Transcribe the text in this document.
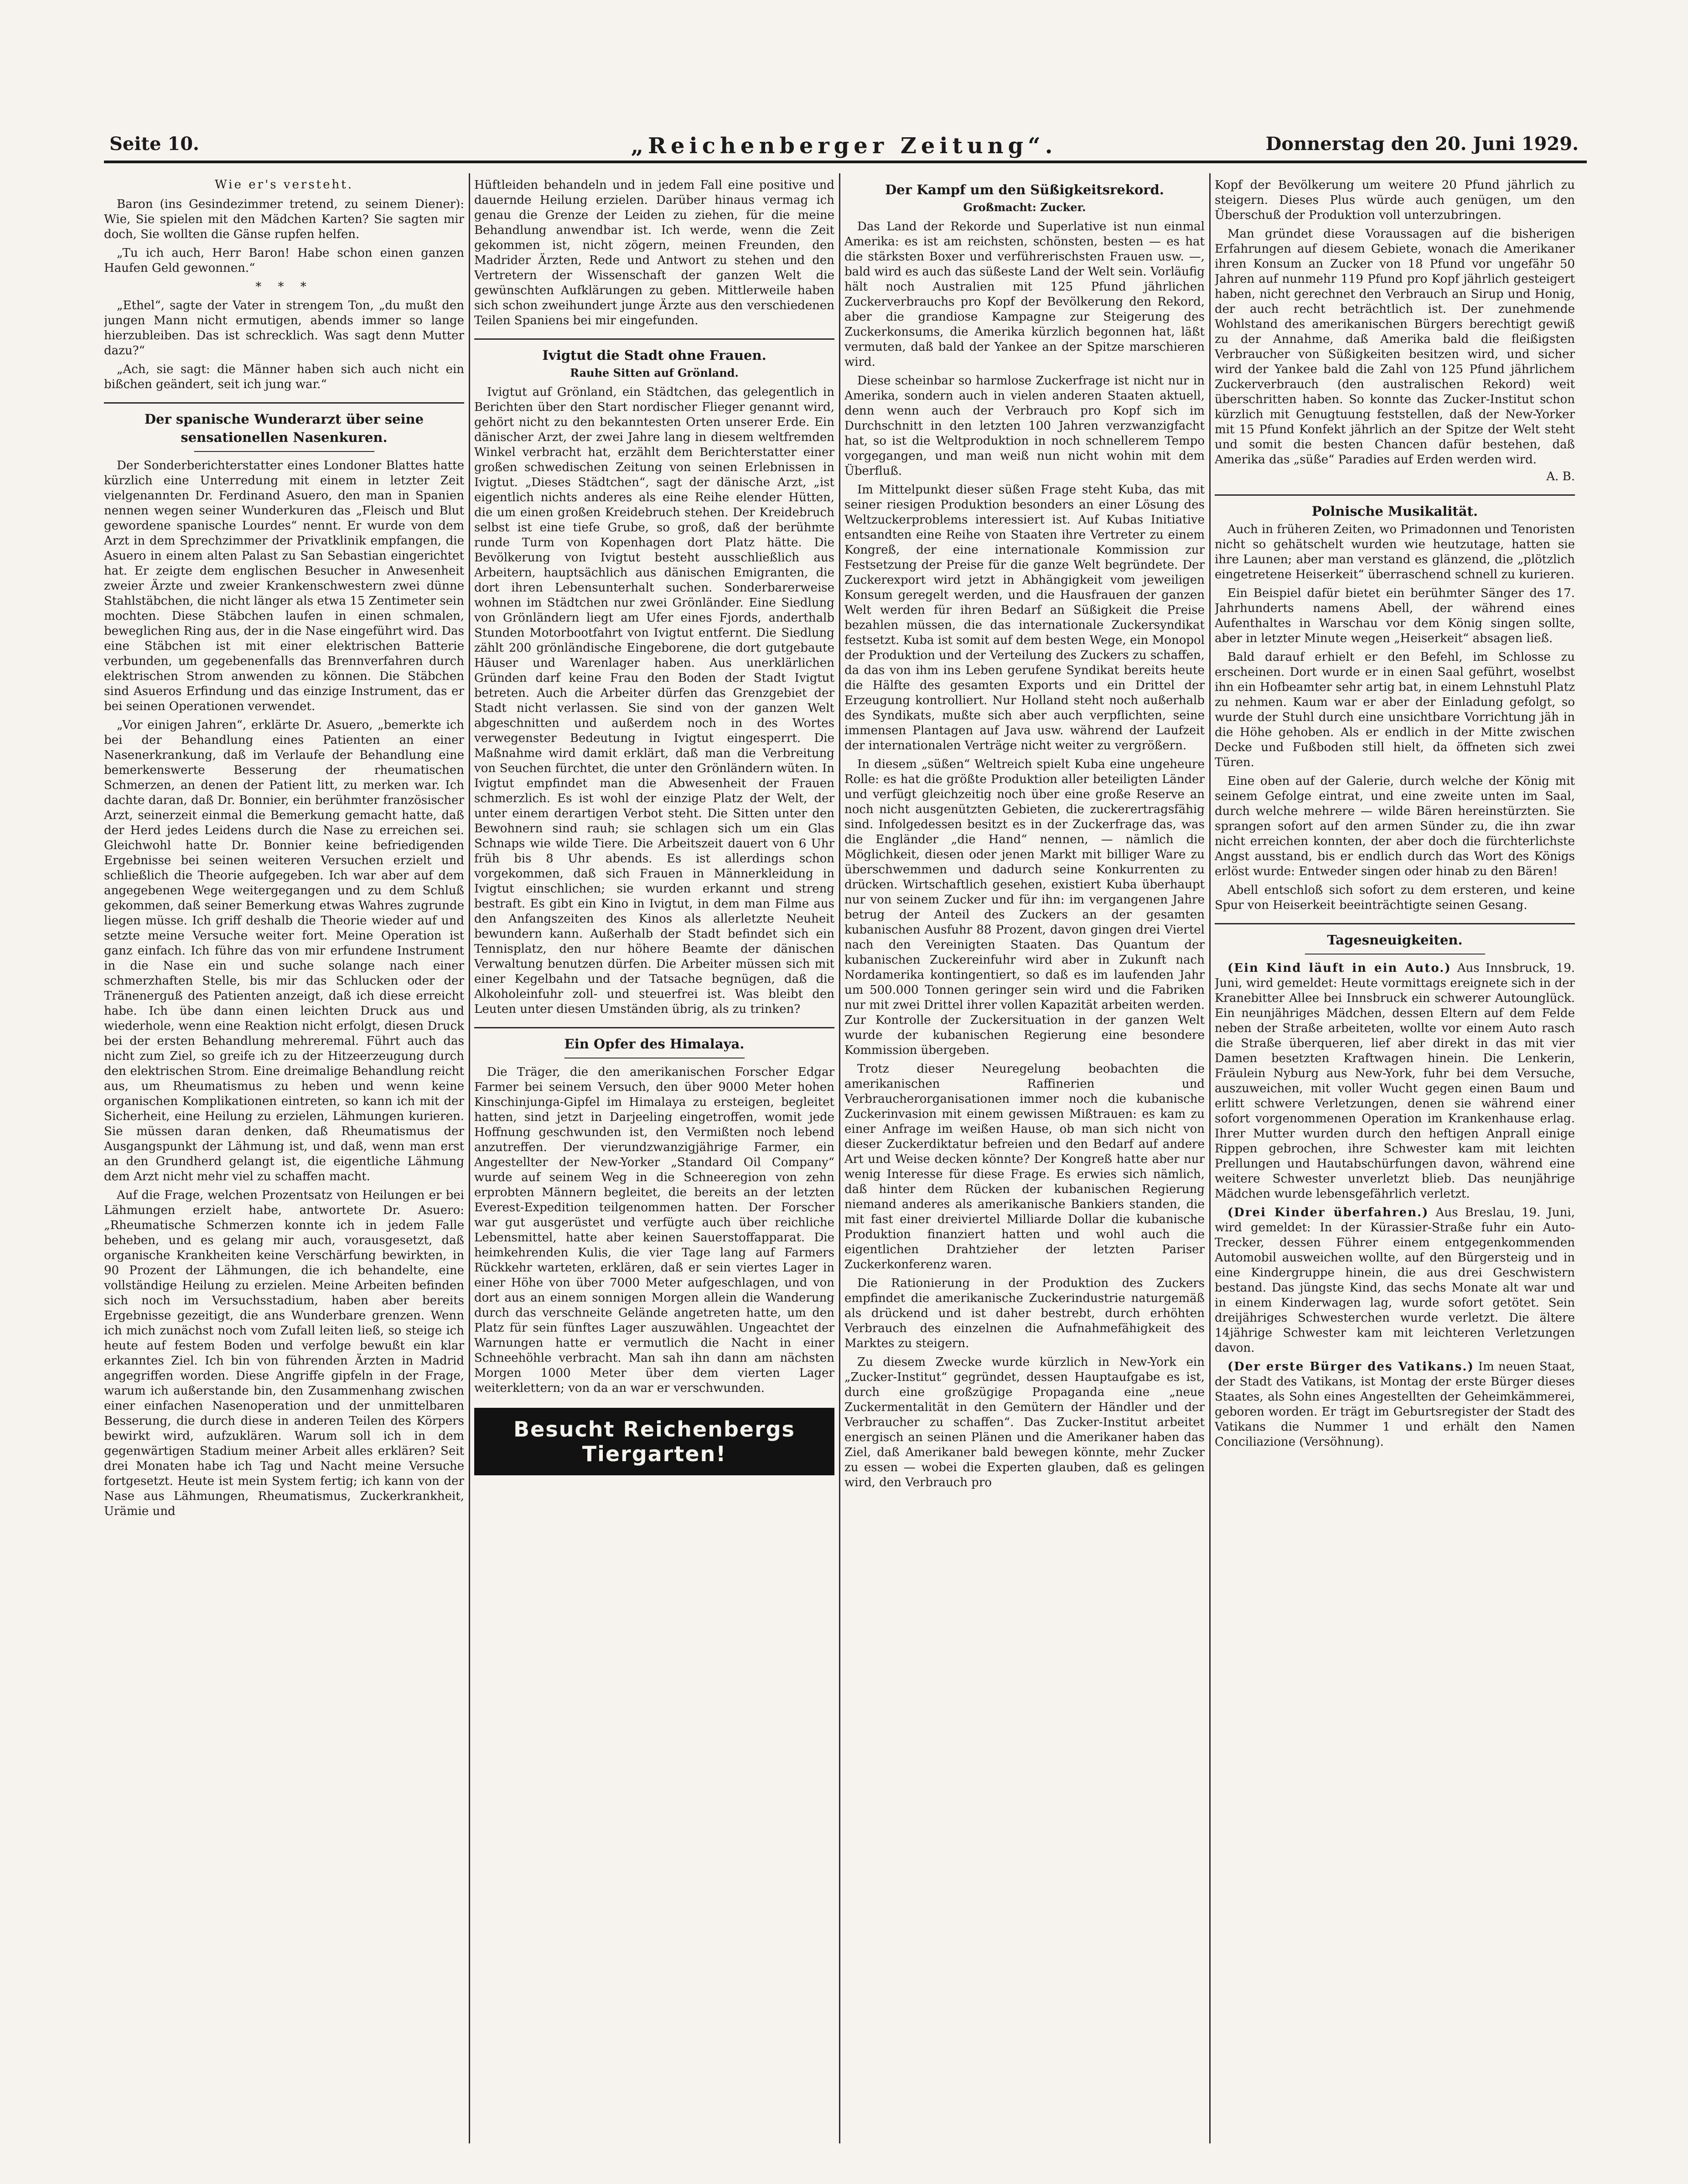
Seite 10.	„Reichenberger Zeitung“.	Donnerstag den 20. Juni 1929.
Wie er's versteht.

Baron (ins Gesindezimmer tretend, zu seinem Diener): Wie, Sie spielen mit den Mädchen Karten? Sie sagten mir doch, Sie wollten die Gänse rupfen helfen.

„Tu ich auch, Herr Baron! Habe schon einen ganzen Haufen Geld gewonnen.“

* * *

„Ethel“, sagte der Vater in strengem Ton, „du mußt den jungen Mann nicht ermutigen, abends immer so lange hierzubleiben. Das ist schrecklich. Was sagt denn Mutter dazu?“

„Ach, sie sagt: die Männer haben sich auch nicht ein bißchen geändert, seit ich jung war.“

Der spanische Wunderarzt über seine sensationellen Nasenkuren.

Der Sonderberichterstatter eines Londoner Blattes hatte kürzlich eine Unterredung mit einem in letzter Zeit vielgenannten Dr. Ferdinand Asuero, den man in Spanien nennen wegen seiner Wunderkuren das „Fleisch und Blut gewordene spanische Lourdes“ nennt. Er wurde von dem Arzt in dem Sprechzimmer der Privatklinik empfangen, die Asuero in einem alten Palast zu San Sebastian eingerichtet hat. Er zeigte dem englischen Besucher in Anwesenheit zweier Ärzte und zweier Krankenschwestern zwei dünne Stahlstäbchen, die nicht länger als etwa 15 Zentimeter sein mochten. Diese Stäbchen laufen in einen schmalen, beweglichen Ring aus, der in die Nase eingeführt wird. Das eine Stäbchen ist mit einer elektrischen Batterie verbunden, um gegebenenfalls das Brennverfahren durch elektrischen Strom anwenden zu können. Die Stäbchen sind Asueros Erfindung und das einzige Instrument, das er bei seinen Operationen verwendet.

„Vor einigen Jahren“, erklärte Dr. Asuero, „bemerkte ich bei der Behandlung eines Patienten an einer Nasenerkrankung, daß im Verlaufe der Behandlung eine bemerkenswerte Besserung der rheumatischen Schmerzen, an denen der Patient litt, zu merken war. Ich dachte daran, daß Dr. Bonnier, ein berühmter französischer Arzt, seinerzeit einmal die Bemerkung gemacht hatte, daß der Herd jedes Leidens durch die Nase zu erreichen sei. Gleichwohl hatte Dr. Bonnier keine befriedigenden Ergebnisse bei seinen weiteren Versuchen erzielt und schließlich die Theorie aufgegeben. Ich war aber auf dem angegebenen Wege weitergegangen und zu dem Schluß gekommen, daß seiner Bemerkung etwas Wahres zugrunde liegen müsse. Ich griff deshalb die Theorie wieder auf und setzte meine Versuche weiter fort. Meine Operation ist ganz einfach. Ich führe das von mir erfundene Instrument in die Nase ein und suche solange nach einer schmerzhaften Stelle, bis mir das Schlucken oder der Tränenerguß des Patienten anzeigt, daß ich diese erreicht habe. Ich übe dann einen leichten Druck aus und wiederhole, wenn eine Reaktion nicht erfolgt, diesen Druck bei der ersten Behandlung mehreremal. Führt auch das nicht zum Ziel, so greife ich zu der Hitzeerzeugung durch den elektrischen Strom. Eine dreimalige Behandlung reicht aus, um Rheumatismus zu heben und wenn keine organischen Komplikationen eintreten, so kann ich mit der Sicherheit, eine Heilung zu erzielen, Lähmungen kurieren. Sie müssen daran denken, daß Rheumatismus der Ausgangspunkt der Lähmung ist, und daß, wenn man erst an den Grundherd gelangt ist, die eigentliche Lähmung dem Arzt nicht mehr viel zu schaffen macht.

Auf die Frage, welchen Prozentsatz von Heilungen er bei Lähmungen erzielt habe, antwortete Dr. Asuero: „Rheumatische Schmerzen konnte ich in jedem Falle beheben, und es gelang mir auch, vorausgesetzt, daß organische Krankheiten keine Verschärfung bewirkten, in 90 Prozent der Lähmungen, die ich behandelte, eine vollständige Heilung zu erzielen. Meine Arbeiten befinden sich noch im Versuchsstadium, haben aber bereits Ergebnisse gezeitigt, die ans Wunderbare grenzen. Wenn ich mich zunächst noch vom Zufall leiten ließ, so steige ich heute auf festem Boden und verfolge bewußt ein klar erkanntes Ziel. Ich bin von führenden Ärzten in Madrid angegriffen worden. Diese Angriffe gipfeln in der Frage, warum ich außerstande bin, den Zusammenhang zwischen einer einfachen Nasenoperation und der unmittelbaren Besserung, die durch diese in anderen Teilen des Körpers bewirkt wird, aufzuklären. Warum soll ich in dem gegenwärtigen Stadium meiner Arbeit alles erklären? Seit drei Monaten habe ich Tag und Nacht meine Versuche fortgesetzt. Heute ist mein System fertig; ich kann von der Nase aus Lähmungen, Rheumatismus, Zuckerkrankheit, Urämie und

Hüftleiden behandeln und in jedem Fall eine positive und dauernde Heilung erzielen. Darüber hinaus vermag ich genau die Grenze der Leiden zu ziehen, für die meine Behandlung anwendbar ist. Ich werde, wenn die Zeit gekommen ist, nicht zögern, meinen Freunden, den Madrider Ärzten, Rede und Antwort zu stehen und den Vertretern der Wissenschaft der ganzen Welt die gewünschten Aufklärungen zu geben. Mittlerweile haben sich schon zweihundert junge Ärzte aus den verschiedenen Teilen Spaniens bei mir eingefunden.

Ivigtut die Stadt ohne Frauen.
Rauhe Sitten auf Grönland.

Ivigtut auf Grönland, ein Städtchen, das gelegentlich in Berichten über den Start nordischer Flieger genannt wird, gehört nicht zu den bekanntesten Orten unserer Erde. Ein dänischer Arzt, der zwei Jahre lang in diesem weltfremden Winkel verbracht hat, erzählt dem Berichterstatter einer großen schwedischen Zeitung von seinen Erlebnissen in Ivigtut. „Dieses Städtchen“, sagt der dänische Arzt, „ist eigentlich nichts anderes als eine Reihe elender Hütten, die um einen großen Kreidebruch stehen. Der Kreidebruch selbst ist eine tiefe Grube, so groß, daß der berühmte runde Turm von Kopenhagen dort Platz hätte. Die Bevölkerung von Ivigtut besteht ausschließlich aus Arbeitern, hauptsächlich aus dänischen Emigranten, die dort ihren Lebensunterhalt suchen. Sonderbarerweise wohnen im Städtchen nur zwei Grönländer. Eine Siedlung von Grönländern liegt am Ufer eines Fjords, anderthalb Stunden Motorbootfahrt von Ivigtut entfernt. Die Siedlung zählt 200 grönländische Eingeborene, die dort gutgebaute Häuser und Warenlager haben. Aus unerklärlichen Gründen darf keine Frau den Boden der Stadt Ivigtut betreten. Auch die Arbeiter dürfen das Grenzgebiet der Stadt nicht verlassen. Sie sind von der ganzen Welt abgeschnitten und außerdem noch in des Wortes verwegenster Bedeutung in Ivigtut eingesperrt. Die Maßnahme wird damit erklärt, daß man die Verbreitung von Seuchen fürchtet, die unter den Grönländern wüten. In Ivigtut empfindet man die Abwesenheit der Frauen schmerzlich. Es ist wohl der einzige Platz der Welt, der unter einem derartigen Verbot steht. Die Sitten unter den Bewohnern sind rauh; sie schlagen sich um ein Glas Schnaps wie wilde Tiere. Die Arbeitszeit dauert von 6 Uhr früh bis 8 Uhr abends. Es ist allerdings schon vorgekommen, daß sich Frauen in Männerkleidung in Ivigtut einschlichen; sie wurden erkannt und streng bestraft. Es gibt ein Kino in Ivigtut, in dem man Filme aus den Anfangszeiten des Kinos als allerletzte Neuheit bewundern kann. Außerhalb der Stadt befindet sich ein Tennisplatz, den nur höhere Beamte der dänischen Verwaltung benutzen dürfen. Die Arbeiter müssen sich mit einer Kegelbahn und der Tatsache begnügen, daß die Alkoholeinfuhr zoll- und steuerfrei ist. Was bleibt den Leuten unter diesen Umständen übrig, als zu trinken?

Ein Opfer des Himalaya.

Die Träger, die den amerikanischen Forscher Edgar Farmer bei seinem Versuch, den über 9000 Meter hohen Kinschinjunga-Gipfel im Himalaya zu ersteigen, begleitet hatten, sind jetzt in Darjeeling eingetroffen, womit jede Hoffnung geschwunden ist, den Vermißten noch lebend anzutreffen. Der vierundzwanzigjährige Farmer, ein Angestellter der New-Yorker „Standard Oil Company“ wurde auf seinem Weg in die Schneeregion von zehn erprobten Männern begleitet, die bereits an der letzten Everest-Expedition teilgenommen hatten. Der Forscher war gut ausgerüstet und verfügte auch über reichliche Lebensmittel, hatte aber keinen Sauerstoffapparat. Die heimkehrenden Kulis, die vier Tage lang auf Farmers Rückkehr warteten, erklären, daß er sein viertes Lager in einer Höhe von über 7000 Meter aufgeschlagen, und von dort aus an einem sonnigen Morgen allein die Wanderung durch das verschneite Gelände angetreten hatte, um den Platz für sein fünftes Lager auszuwählen. Ungeachtet der Warnungen hatte er vermutlich die Nacht in einer Schneehöhle verbracht. Man sah ihn dann am nächsten Morgen 1000 Meter über dem vierten Lager weiterklettern; von da an war er verschwunden.

Besucht Reichenbergs Tiergarten!
Der Kampf um den Süßigkeitsrekord.
Großmacht: Zucker.

Das Land der Rekorde und Superlative ist nun einmal Amerika: es ist am reichsten, schönsten, besten — es hat die stärksten Boxer und verführerischsten Frauen usw. —, bald wird es auch das süßeste Land der Welt sein. Vorläufig hält noch Australien mit 125 Pfund jährlichen Zuckerverbrauchs pro Kopf der Bevölkerung den Rekord, aber die grandiose Kampagne zur Steigerung des Zuckerkonsums, die Amerika kürzlich begonnen hat, läßt vermuten, daß bald der Yankee an der Spitze marschieren wird.

Diese scheinbar so harmlose Zuckerfrage ist nicht nur in Amerika, sondern auch in vielen anderen Staaten aktuell, denn wenn auch der Verbrauch pro Kopf sich im Durchschnitt in den letzten 100 Jahren verzwanzigfacht hat, so ist die Weltproduktion in noch schnellerem Tempo vorgegangen, und man weiß nun nicht wohin mit dem Überfluß.

Im Mittelpunkt dieser süßen Frage steht Kuba, das mit seiner riesigen Produktion besonders an einer Lösung des Weltzuckerproblems interessiert ist. Auf Kubas Initiative entsandten eine Reihe von Staaten ihre Vertreter zu einem Kongreß, der eine internationale Kommission zur Festsetzung der Preise für die ganze Welt begründete. Der Zuckerexport wird jetzt in Abhängigkeit vom jeweiligen Konsum geregelt werden, und die Hausfrauen der ganzen Welt werden für ihren Bedarf an Süßigkeit die Preise bezahlen müssen, die das internationale Zuckersyndikat festsetzt. Kuba ist somit auf dem besten Wege, ein Monopol der Produktion und der Verteilung des Zuckers zu schaffen, da das von ihm ins Leben gerufene Syndikat bereits heute die Hälfte des gesamten Exports und ein Drittel der Erzeugung kontrolliert. Nur Holland steht noch außerhalb des Syndikats, mußte sich aber auch verpflichten, seine immensen Plantagen auf Java usw. während der Laufzeit der internationalen Verträge nicht weiter zu vergrößern.

In diesem „süßen“ Weltreich spielt Kuba eine ungeheure Rolle: es hat die größte Produktion aller beteiligten Länder und verfügt gleichzeitig noch über eine große Reserve an noch nicht ausgenützten Gebieten, die zuckerertragsfähig sind. Infolgedessen besitzt es in der Zuckerfrage das, was die Engländer „die Hand“ nennen, — nämlich die Möglichkeit, diesen oder jenen Markt mit billiger Ware zu überschwemmen und dadurch seine Konkurrenten zu drücken. Wirtschaftlich gesehen, existiert Kuba überhaupt nur von seinem Zucker und für ihn: im vergangenen Jahre betrug der Anteil des Zuckers an der gesamten kubanischen Ausfuhr 88 Prozent, davon gingen drei Viertel nach den Vereinigten Staaten. Das Quantum der kubanischen Zuckereinfuhr wird aber in Zukunft nach Nordamerika kontingentiert, so daß es im laufenden Jahr um 500.000 Tonnen geringer sein wird und die Fabriken nur mit zwei Drittel ihrer vollen Kapazität arbeiten werden. Zur Kontrolle der Zuckersituation in der ganzen Welt wurde der kubanischen Regierung eine besondere Kommission übergeben.

Trotz dieser Neuregelung beobachten die amerikanischen Raffinerien und Verbraucherorganisationen immer noch die kubanische Zuckerinvasion mit einem gewissen Mißtrauen: es kam zu einer Anfrage im weißen Hause, ob man sich nicht von dieser Zuckerdiktatur befreien und den Bedarf auf andere Art und Weise decken könnte? Der Kongreß hatte aber nur wenig Interesse für diese Frage. Es erwies sich nämlich, daß hinter dem Rücken der kubanischen Regierung niemand anderes als amerikanische Bankiers standen, die mit fast einer dreiviertel Milliarde Dollar die kubanische Produktion finanziert hatten und wohl auch die eigentlichen Drahtzieher der letzten Pariser Zuckerkonferenz waren.

Die Rationierung in der Produktion des Zuckers empfindet die amerikanische Zuckerindustrie naturgemäß als drückend und ist daher bestrebt, durch erhöhten Verbrauch des einzelnen die Aufnahmefähigkeit des Marktes zu steigern.

Zu diesem Zwecke wurde kürzlich in New-York ein „Zucker-Institut“ gegründet, dessen Hauptaufgabe es ist, durch eine großzügige Propaganda eine „neue Zuckermentalität in den Gemütern der Händler und der Verbraucher zu schaffen“. Das Zucker-Institut arbeitet energisch an seinen Plänen und die Amerikaner haben das Ziel, daß Amerikaner bald bewegen könnte, mehr Zucker zu essen — wobei die Experten glauben, daß es gelingen wird, den Verbrauch pro

Kopf der Bevölkerung um weitere 20 Pfund jährlich zu steigern. Dieses Plus würde auch genügen, um den Überschuß der Produktion voll unterzubringen.

Man gründet diese Voraussagen auf die bisherigen Erfahrungen auf diesem Gebiete, wonach die Amerikaner ihren Konsum an Zucker von 18 Pfund vor ungefähr 50 Jahren auf nunmehr 119 Pfund pro Kopf jährlich gesteigert haben, nicht gerechnet den Verbrauch an Sirup und Honig, der auch recht beträchtlich ist. Der zunehmende Wohlstand des amerikanischen Bürgers berechtigt gewiß zu der Annahme, daß Amerika bald die fleißigsten Verbraucher von Süßigkeiten besitzen wird, und sicher wird der Yankee bald die Zahl von 125 Pfund jährlichem Zuckerverbrauch (den australischen Rekord) weit überschritten haben. So konnte das Zucker-Institut schon kürzlich mit Genugtuung feststellen, daß der New-Yorker mit 15 Pfund Konfekt jährlich an der Spitze der Welt steht und somit die besten Chancen dafür bestehen, daß Amerika das „süße“ Paradies auf Erden werden wird.

A. B.
Polnische Musikalität.

Auch in früheren Zeiten, wo Primadonnen und Tenoristen nicht so gehätschelt wurden wie heutzutage, hatten sie ihre Launen; aber man verstand es glänzend, die „plötzlich eingetretene Heiserkeit“ überraschend schnell zu kurieren.

Ein Beispiel dafür bietet ein berühmter Sänger des 17. Jahrhunderts namens Abell, der während eines Aufenthaltes in Warschau vor dem König singen sollte, aber in letzter Minute wegen „Heiserkeit“ absagen ließ.

Bald darauf erhielt er den Befehl, im Schlosse zu erscheinen. Dort wurde er in einen Saal geführt, woselbst ihn ein Hofbeamter sehr artig bat, in einem Lehnstuhl Platz zu nehmen. Kaum war er aber der Einladung gefolgt, so wurde der Stuhl durch eine unsichtbare Vorrichtung jäh in die Höhe gehoben. Als er endlich in der Mitte zwischen Decke und Fußboden still hielt, da öffneten sich zwei Türen.

Eine oben auf der Galerie, durch welche der König mit seinem Gefolge eintrat, und eine zweite unten im Saal, durch welche mehrere — wilde Bären hereinstürzten. Sie sprangen sofort auf den armen Sünder zu, die ihn zwar nicht erreichen konnten, der aber doch die fürchterlichste Angst ausstand, bis er endlich durch das Wort des Königs erlöst wurde: Entweder singen oder hinab zu den Bären!

Abell entschloß sich sofort zu dem ersteren, und keine Spur von Heiserkeit beeinträchtigte seinen Gesang.

Tagesneuigkeiten.

(Ein Kind läuft in ein Auto.) Aus Innsbruck, 19. Juni, wird gemeldet: Heute vormittags ereignete sich in der Kranebitter Allee bei Innsbruck ein schwerer Autounglück. Ein neunjähriges Mädchen, dessen Eltern auf dem Felde neben der Straße arbeiteten, wollte vor einem Auto rasch die Straße überqueren, lief aber direkt in das mit vier Damen besetzten Kraftwagen hinein. Die Lenkerin, Fräulein Nyburg aus New-York, fuhr bei dem Versuche, auszuweichen, mit voller Wucht gegen einen Baum und erlitt schwere Verletzungen, denen sie während einer sofort vorgenommenen Operation im Krankenhause erlag. Ihrer Mutter wurden durch den heftigen Anprall einige Rippen gebrochen, ihre Schwester kam mit leichten Prellungen und Hautabschürfungen davon, während eine weitere Schwester unverletzt blieb. Das neunjährige Mädchen wurde lebensgefährlich verletzt.

(Drei Kinder überfahren.) Aus Breslau, 19. Juni, wird gemeldet: In der Kürassier-Straße fuhr ein Auto-Trecker, dessen Führer einem entgegenkommenden Automobil ausweichen wollte, auf den Bürgersteig und in eine Kindergruppe hinein, die aus drei Geschwistern bestand. Das jüngste Kind, das sechs Monate alt war und in einem Kinderwagen lag, wurde sofort getötet. Sein dreijähriges Schwesterchen wurde verletzt. Die ältere 14jährige Schwester kam mit leichteren Verletzungen davon.

(Der erste Bürger des Vatikans.) Im neuen Staat, der Stadt des Vatikans, ist Montag der erste Bürger dieses Staates, als Sohn eines Angestellten der Geheimkämmerei, geboren worden. Er trägt im Geburtsregister der Stadt des Vatikans die Nummer 1 und erhält den Namen Conciliazione (Versöhnung).
